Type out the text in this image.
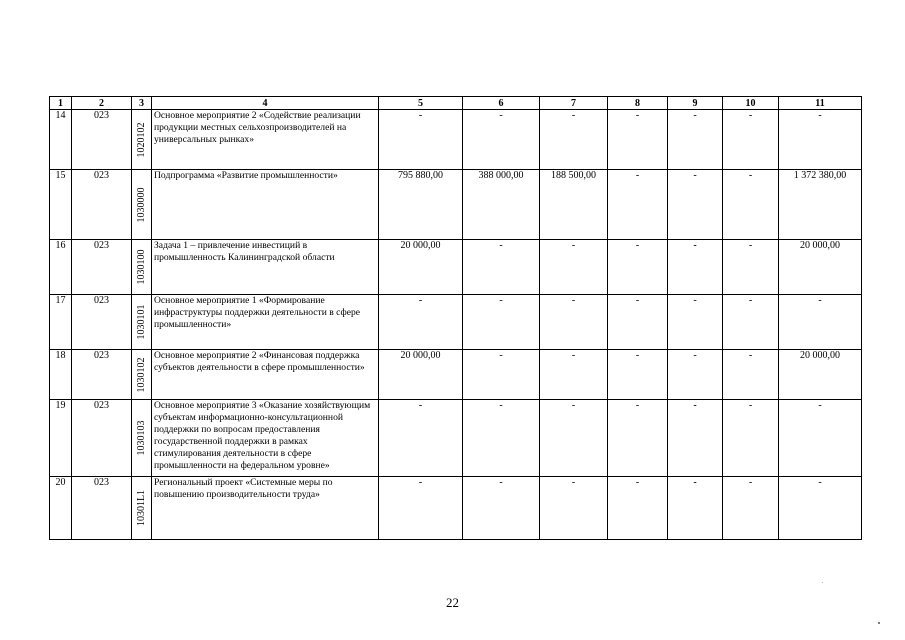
1	2	3	4	5	6	7	8	9	10	11
14	023	1020102	Основное мероприятие 2 «Содействие реализации продукции местных сельхозпроизводителей на универсальных рынках»	-	-	-	-	-	-	-
15	023	1030000	Подпрограмма «Развитие промышленности»	795 880,00	388 000,00	188 500,00	-	-	-	1 372 380,00
16	023	1030100	Задача 1 – привлечение инвестиций в промышленность Калининградской области	20 000,00	-	-	-	-	-	20 000,00
17	023	1030101	Основное мероприятие 1 «Формирование инфраструктуры поддержки деятельности в сфере промышленности»	-	-	-	-	-	-	-
18	023	1030102	Основное мероприятие 2 «Финансовая поддержка субъектов деятельности в сфере промышленности»	20 000,00	-	-	-	-	-	20 000,00
19	023	1030103	Основное мероприятие 3 «Оказание хозяйствующим субъектам информационно-консультационной поддержки по вопросам предоставления государственной поддержки в рамках стимулирования деятельности в сфере промышленности на федеральном уровне»	-	-	-	-	-	-	-
20	023	10301L1	Региональный проект «Системные меры по повышению производительности труда»	-	-	-	-	-	-	-
22
